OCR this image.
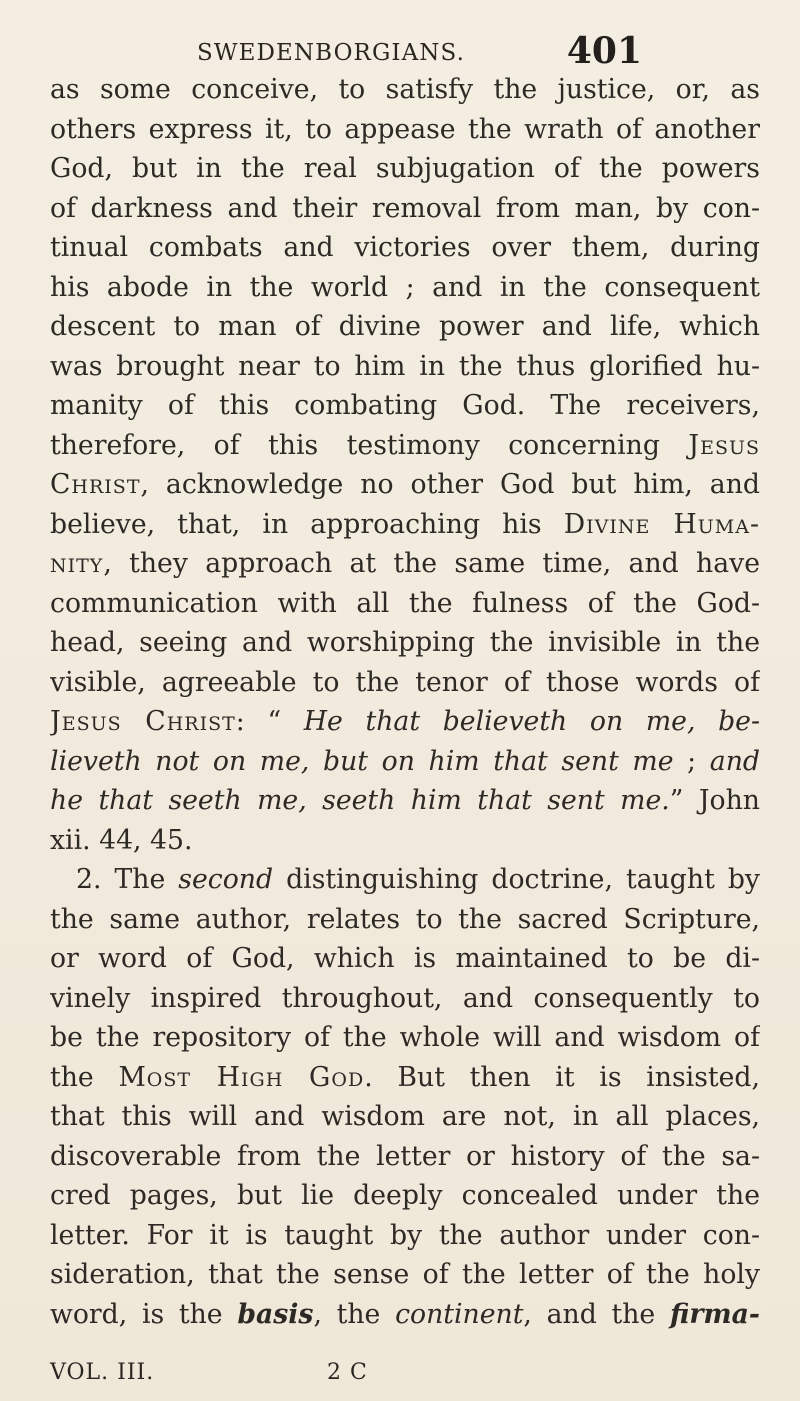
SWEDENBORGIANS.	401
as some conceive, to satisfy the justice, or, as
others express it, to appease the wrath of another
God, but in the real subjugation of the powers
of darkness and their removal from man, by con-
tinual combats and victories over them, during
his abode in the world ; and in the consequent
descent to man of divine power and life, which
was brought near to him in the thus glorified hu-
manity of this combating God. The receivers,
therefore, of this testimony concerning Jesus
Christ, acknowledge no other God but him, and
believe, that, in approaching his Divine Huma-
nity, they approach at the same time, and have
communication with all the fulness of the God-
head, seeing and worshipping the invisible in the
visible, agreeable to the tenor of those words of
Jesus Christ: “ He that believeth on me, be-
lieveth not on me, but on him that sent me ; and
he that seeth me, seeth him that sent me.” John
xii. 44, 45.
2. The second distinguishing doctrine, taught by
the same author, relates to the sacred Scripture,
or word of God, which is maintained to be di-
vinely inspired throughout, and consequently to
be the repository of the whole will and wisdom of
the Most High God. But then it is insisted,
that this will and wisdom are not, in all places,
discoverable from the letter or history of the sa-
cred pages, but lie deeply concealed under the
letter. For it is taught by the author under con-
sideration, that the sense of the letter of the holy
word, is the basis, the continent, and the firma-
VOL. III.	2 C
